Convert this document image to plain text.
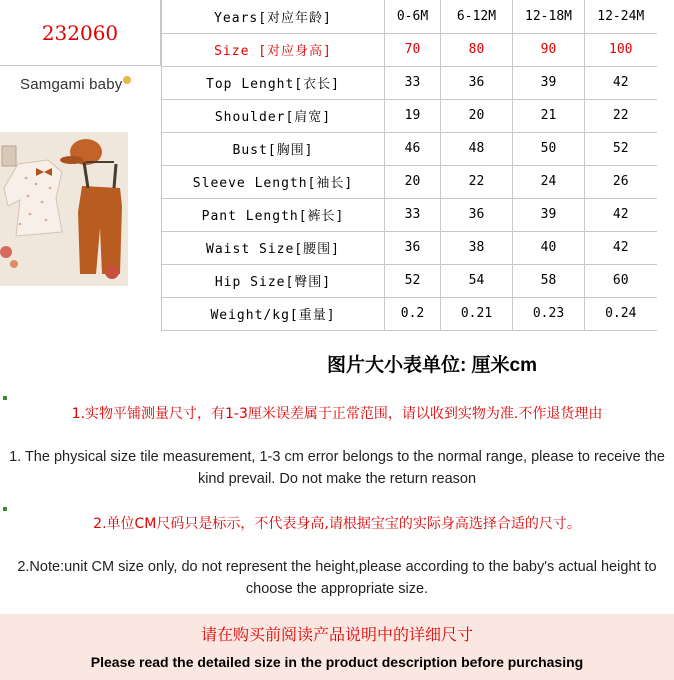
232060
Samgami baby
Years[对应年龄]	0-6M	6-12M	12-18M	12-24M
Size [对应身高]	70	80	90	100
Top Lenght[衣长]	33	36	39	42
Shoulder[肩宽]	19	20	21	22
Bust[胸围]	46	48	50	52
Sleeve Length[袖长]	20	22	24	26
Pant Length[裤长]	33	36	39	42
Waist Size[腰围]	36	38	40	42
Hip Size[臀围]	52	54	58	60
Weight/kg[重量]	0.2	0.21	0.23	0.24
图片大小表单位: 厘米cm
1.实物平铺测量尺寸，有1-3厘米误差属于正常范围，请以收到实物为准.不作退货理由
1. The physical size tile measurement, 1-3 cm error belongs to the normal range, please to receive the kind prevail. Do not make the return reason
2.单位CM尺码只是标示，不代表身高,请根据宝宝的实际身高选择合适的尺寸。
2.Note:unit CM size only, do not represent the height,please according to the baby's actual height to choose the appropriate size.
请在购买前阅读产品说明中的详细尺寸
Please read the detailed size in the product description before purchasing
